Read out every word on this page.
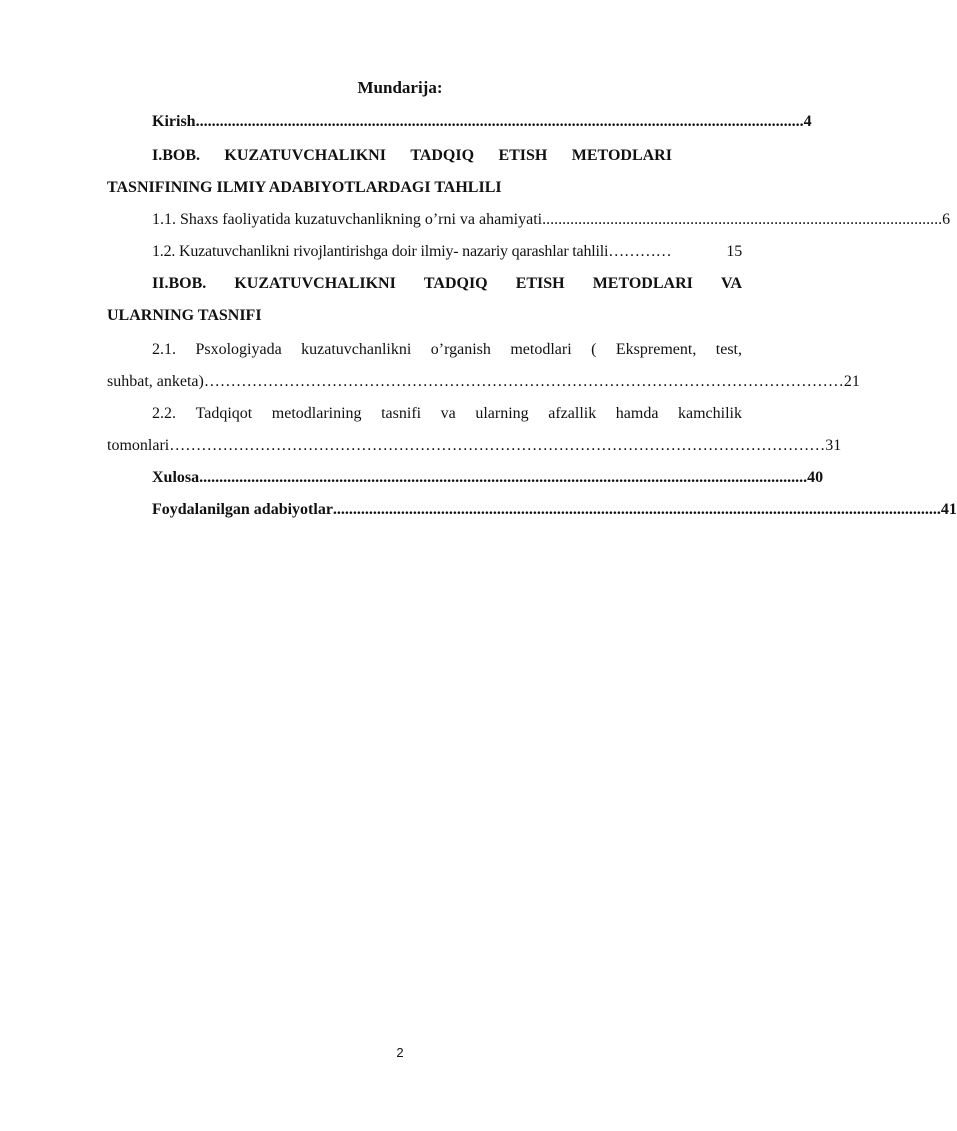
Mundarija:
Kirish ........................................................................................................................................................ 4
I.BOB. KUZATUVCHALIKNI TADQIQ ETISH METODLARI
TASNIFINING ILMIY ADABIYOTLARDAGI TAHLILI
1.1. Shaxs faoliyatida kuzatuvchanlikning o’rni va ahamiyati .................................................................................................... 6
1.2. Kuzatuvchanlikni rivojlantirishga doir ilmiy- nazariy qarashlar tahlili …………	15
II.BOB. KUZATUVCHALIKNI TADQIQ ETISH METODLARI VA
ULARNING TASNIFI
2.1. Psxologiyada kuzatuvchanlikni o’rganish metodlari ( Eksprement, test,
suhbat, anketa) ………………………………………………………………………………………………………… 21
2.2. Tadqiqot metodlarining tasnifi va ularning afzallik hamda kamchilik
tomonlari …………………………………………………………………………………………………………… 31
Xulosa ........................................................................................................................................................ 40
Foydalanilgan adabiyotlar ........................................................................................................................................................ 41
2
